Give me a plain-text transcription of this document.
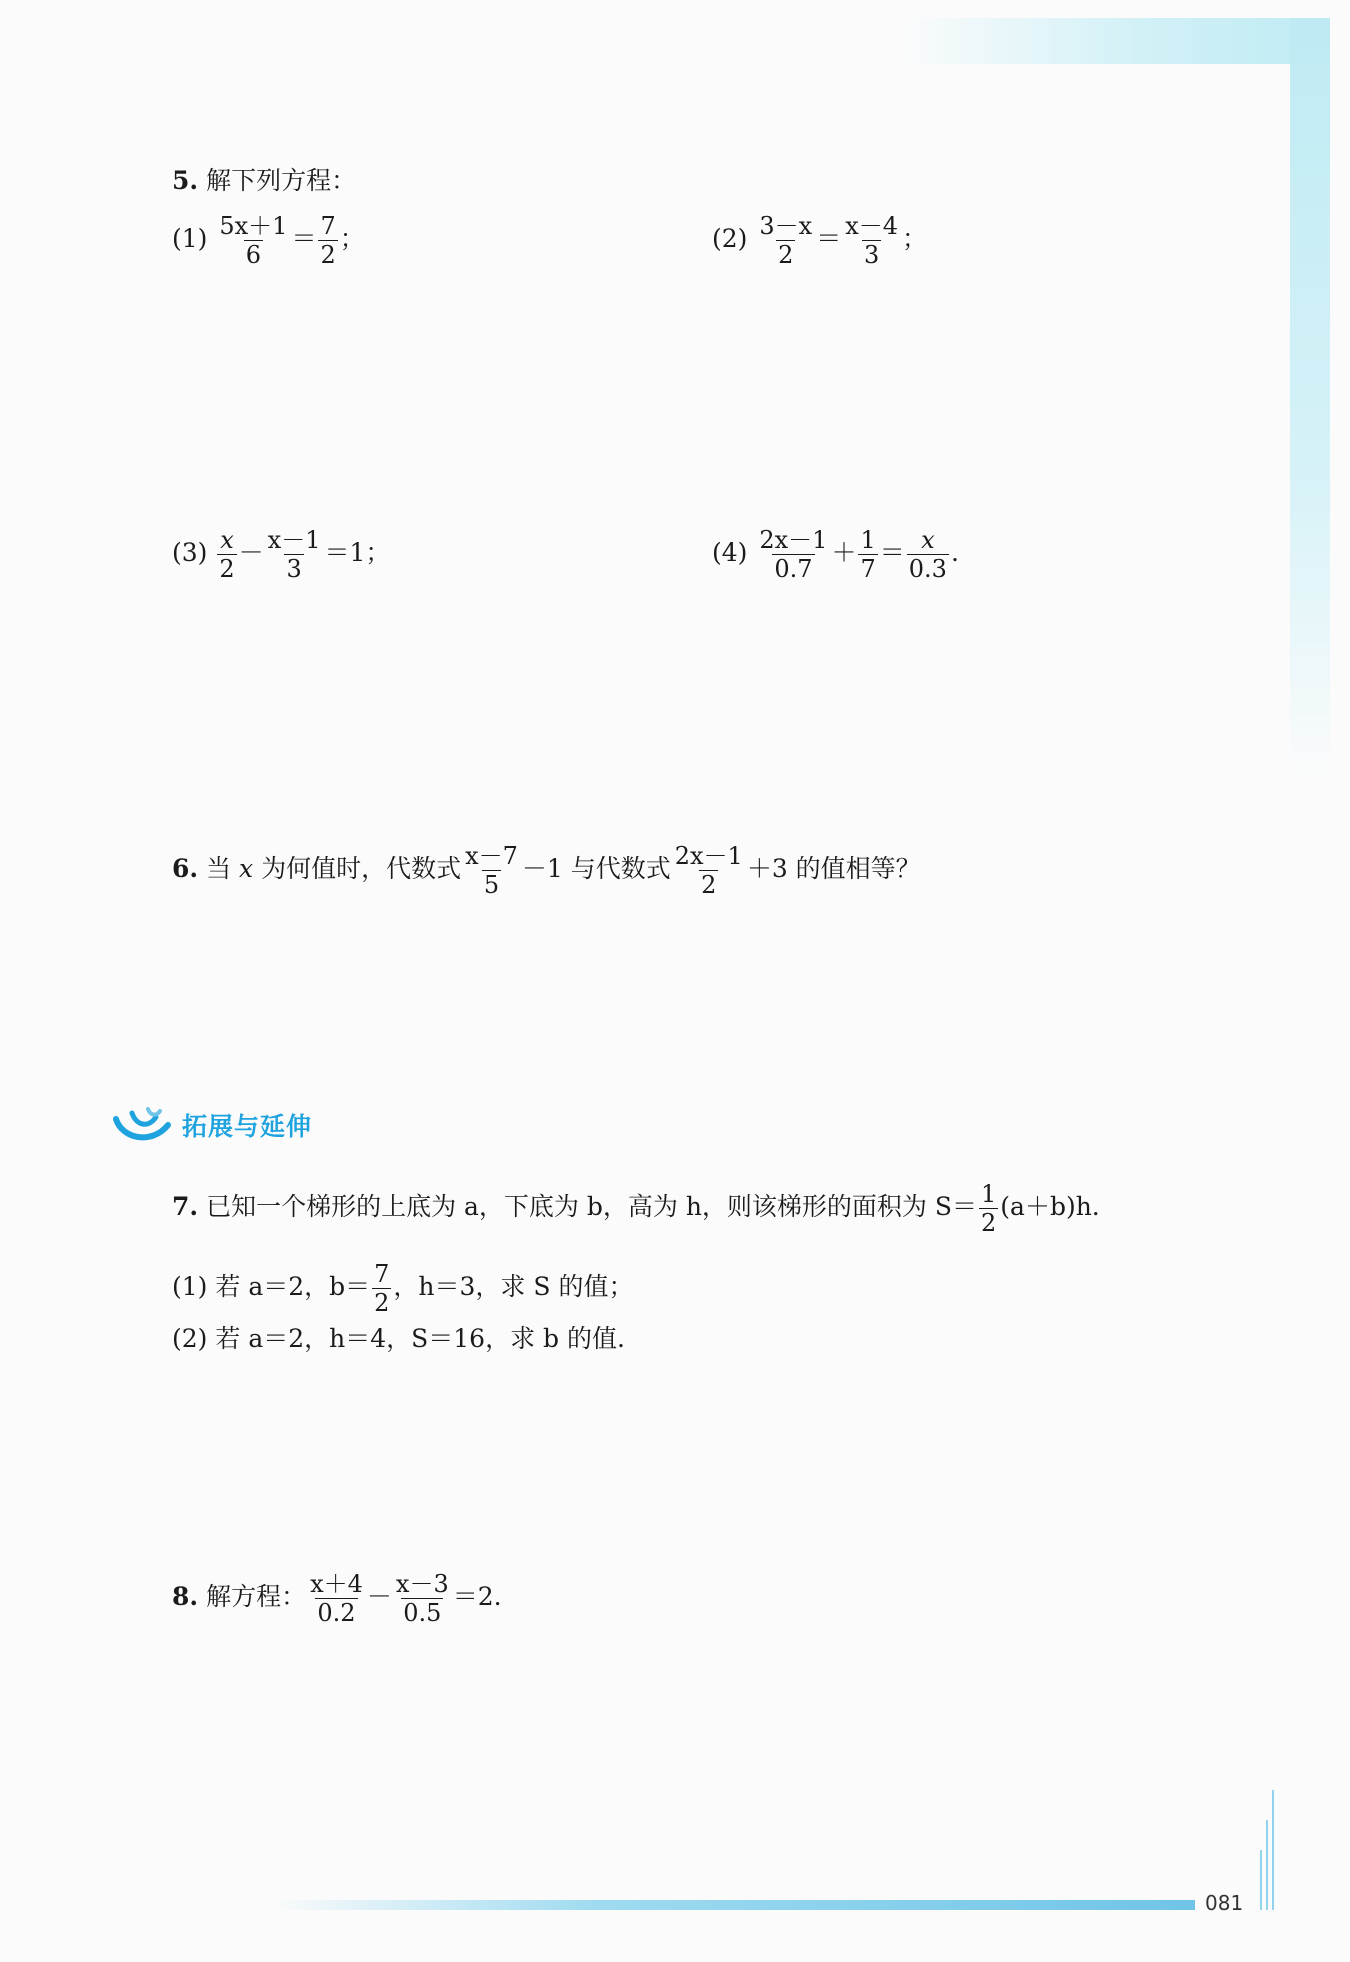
5. 解下列方程：
$(1) \frac{5x+1}{6} = \frac{7}{2}$ ；	$(2) \frac{3-x}{2} = \frac{x-4}{3}$ ；
$(3) \frac{x}{2} - \frac{x-1}{3} =1$；	$(4) \frac{2x-1}{0.7} + \frac{1}{7} = \frac{x}{0.3}$ .
6. 当 x 为何值时，代数式 $\frac{x-7}{5} -1$ 与代数式 $\frac{2x-1}{2} +3$ 的值相等？
拓展与延伸
7. 已知一个梯形的上底为 a，下底为 b，高为 h，则该梯形的面积为 $S= \frac{1}{2} (a+b)h$.
(1) 若 a＝2，$b= \frac{7}{2}$ ，h＝3，求 S 的值；
(2) 若 a＝2，h＝4，S＝16，求 b 的值.
8. 解方程： $\frac{x+4}{0.2} - \frac{x-3}{0.5} =2$.
081
